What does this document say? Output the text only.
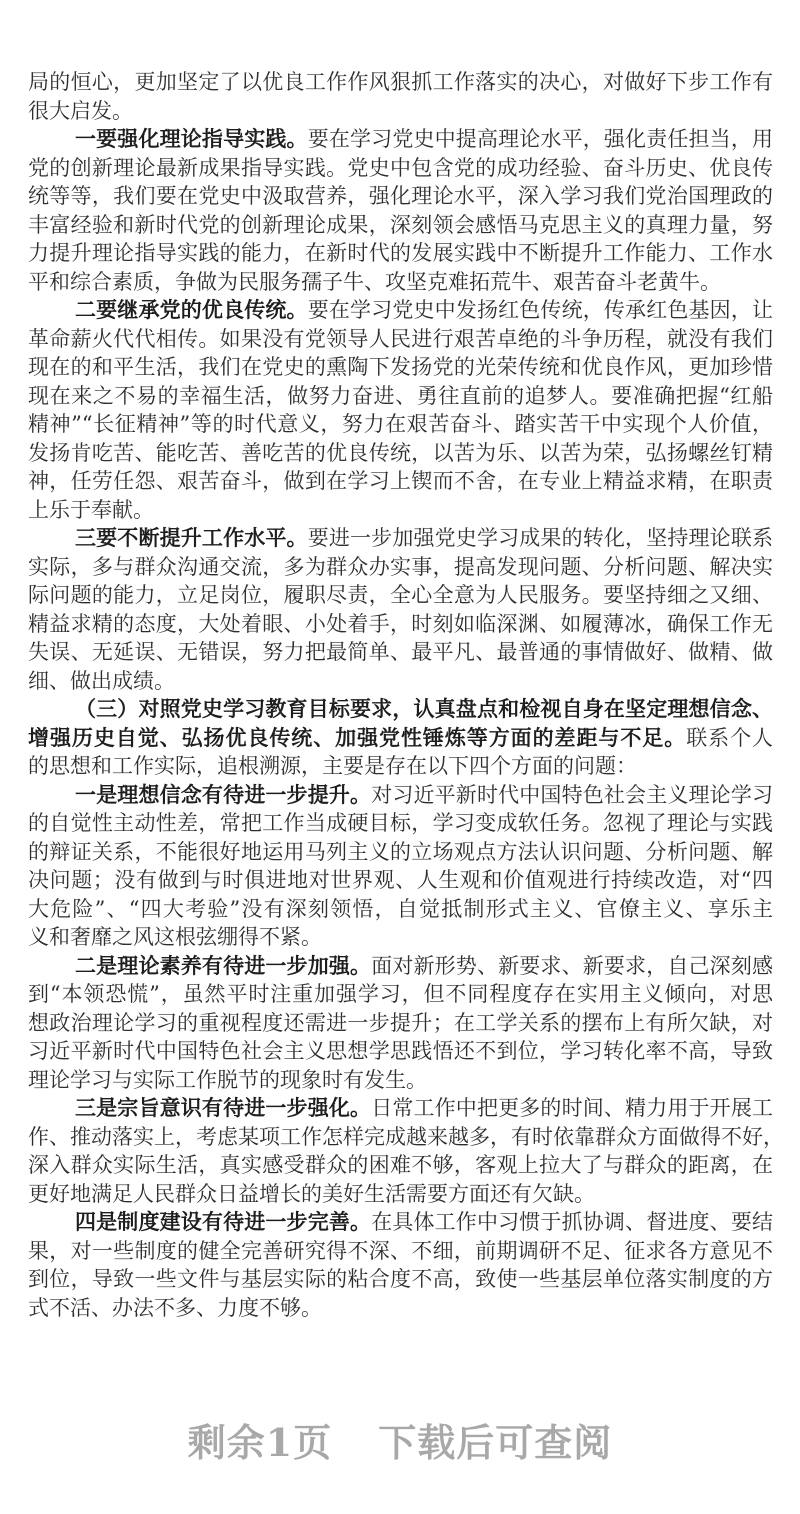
局的恒心，更加坚定了以优良工作作风狠抓工作落实的决心，对做好下步工作有
很大启发。
一要强化理论指导实践。要在学习党史中提高理论水平，强化责任担当，用
党的创新理论最新成果指导实践。党史中包含党的成功经验、奋斗历史、优良传
统等等，我们要在党史中汲取营养，强化理论水平，深入学习我们党治国理政的
丰富经验和新时代党的创新理论成果，深刻领会感悟马克思主义的真理力量，努
力提升理论指导实践的能力，在新时代的发展实践中不断提升工作能力、工作水
平和综合素质，争做为民服务孺子牛、攻坚克难拓荒牛、艰苦奋斗老黄牛。
二要继承党的优良传统。要在学习党史中发扬红色传统，传承红色基因，让
革命薪火代代相传。如果没有党领导人民进行艰苦卓绝的斗争历程，就没有我们
现在的和平生活，我们在党史的熏陶下发扬党的光荣传统和优良作风，更加珍惜
现在来之不易的幸福生活，做努力奋进、勇往直前的追梦人。要准确把握“红船
精神”“长征精神”等的时代意义，努力在艰苦奋斗、踏实苦干中实现个人价值，
发扬肯吃苦、能吃苦、善吃苦的优良传统，以苦为乐、以苦为荣，弘扬螺丝钉精
神，任劳任怨、艰苦奋斗，做到在学习上锲而不舍，在专业上精益求精，在职责
上乐于奉献。
三要不断提升工作水平。要进一步加强党史学习成果的转化，坚持理论联系
实际，多与群众沟通交流，多为群众办实事，提高发现问题、分析问题、解决实
际问题的能力，立足岗位，履职尽责，全心全意为人民服务。要坚持细之又细、
精益求精的态度，大处着眼、小处着手，时刻如临深渊、如履薄冰，确保工作无
失误、无延误、无错误，努力把最简单、最平凡、最普通的事情做好、做精、做
细、做出成绩。
（三）对照党史学习教育目标要求，认真盘点和检视自身在坚定理想信念、
增强历史自觉、弘扬优良传统、加强党性锤炼等方面的差距与不足。联系个人
的思想和工作实际，追根溯源，主要是存在以下四个方面的问题：
一是理想信念有待进一步提升。对习近平新时代中国特色社会主义理论学习
的自觉性主动性差，常把工作当成硬目标，学习变成软任务。忽视了理论与实践
的辩证关系，不能很好地运用马列主义的立场观点方法认识问题、分析问题、解
决问题；没有做到与时俱进地对世界观、人生观和价值观进行持续改造，对“四
大危险”、“四大考验”没有深刻领悟，自觉抵制形式主义、官僚主义、享乐主
义和奢靡之风这根弦绷得不紧。
二是理论素养有待进一步加强。面对新形势、新要求、新要求，自己深刻感
到“本领恐慌”，虽然平时注重加强学习，但不同程度存在实用主义倾向，对思
想政治理论学习的重视程度还需进一步提升；在工学关系的摆布上有所欠缺，对
习近平新时代中国特色社会主义思想学思践悟还不到位，学习转化率不高，导致
理论学习与实际工作脱节的现象时有发生。
三是宗旨意识有待进一步强化。日常工作中把更多的时间、精力用于开展工
作、推动落实上，考虑某项工作怎样完成越来越多，有时依靠群众方面做得不好，
深入群众实际生活，真实感受群众的困难不够，客观上拉大了与群众的距离，在
更好地满足人民群众日益增长的美好生活需要方面还有欠缺。
四是制度建设有待进一步完善。在具体工作中习惯于抓协调、督进度、要结
果，对一些制度的健全完善研究得不深、不细，前期调研不足、征求各方意见不
到位，导致一些文件与基层实际的粘合度不高，致使一些基层单位落实制度的方
式不活、办法不多、力度不够。
剩余1页 下载后可查阅
